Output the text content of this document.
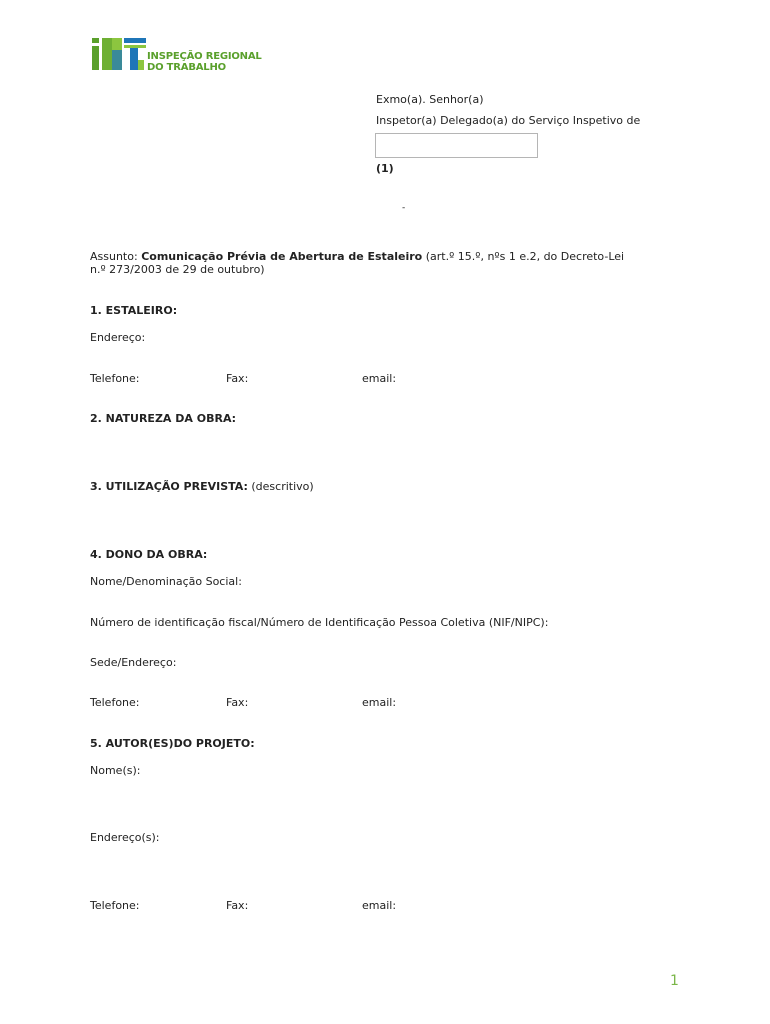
INSPEÇÃO REGIONAL
DO TRABALHO
Exmo(a). Senhor(a)
Inspetor(a) Delegado(a) do Serviço Inspetivo de
(1)
-
Assunto: Comunicação Prévia de Abertura de Estaleiro (art.º 15.º, nºs 1 e.2, do Decreto-Lei
n.º 273/2003 de 29 de outubro)
1. ESTALEIRO:
Endereço:
Telefone:	Fax:	email:
2. NATUREZA DA OBRA:
3. UTILIZAÇÃO PREVISTA: (descritivo)
4. DONO DA OBRA:
Nome/Denominação Social:
Número de identificação fiscal/Número de Identificação Pessoa Coletiva (NIF/NIPC):
Sede/Endereço:
Telefone:	Fax:	email:
5. AUTOR(ES)DO PROJETO:
Nome(s):
Endereço(s):
Telefone:	Fax:	email:
1
